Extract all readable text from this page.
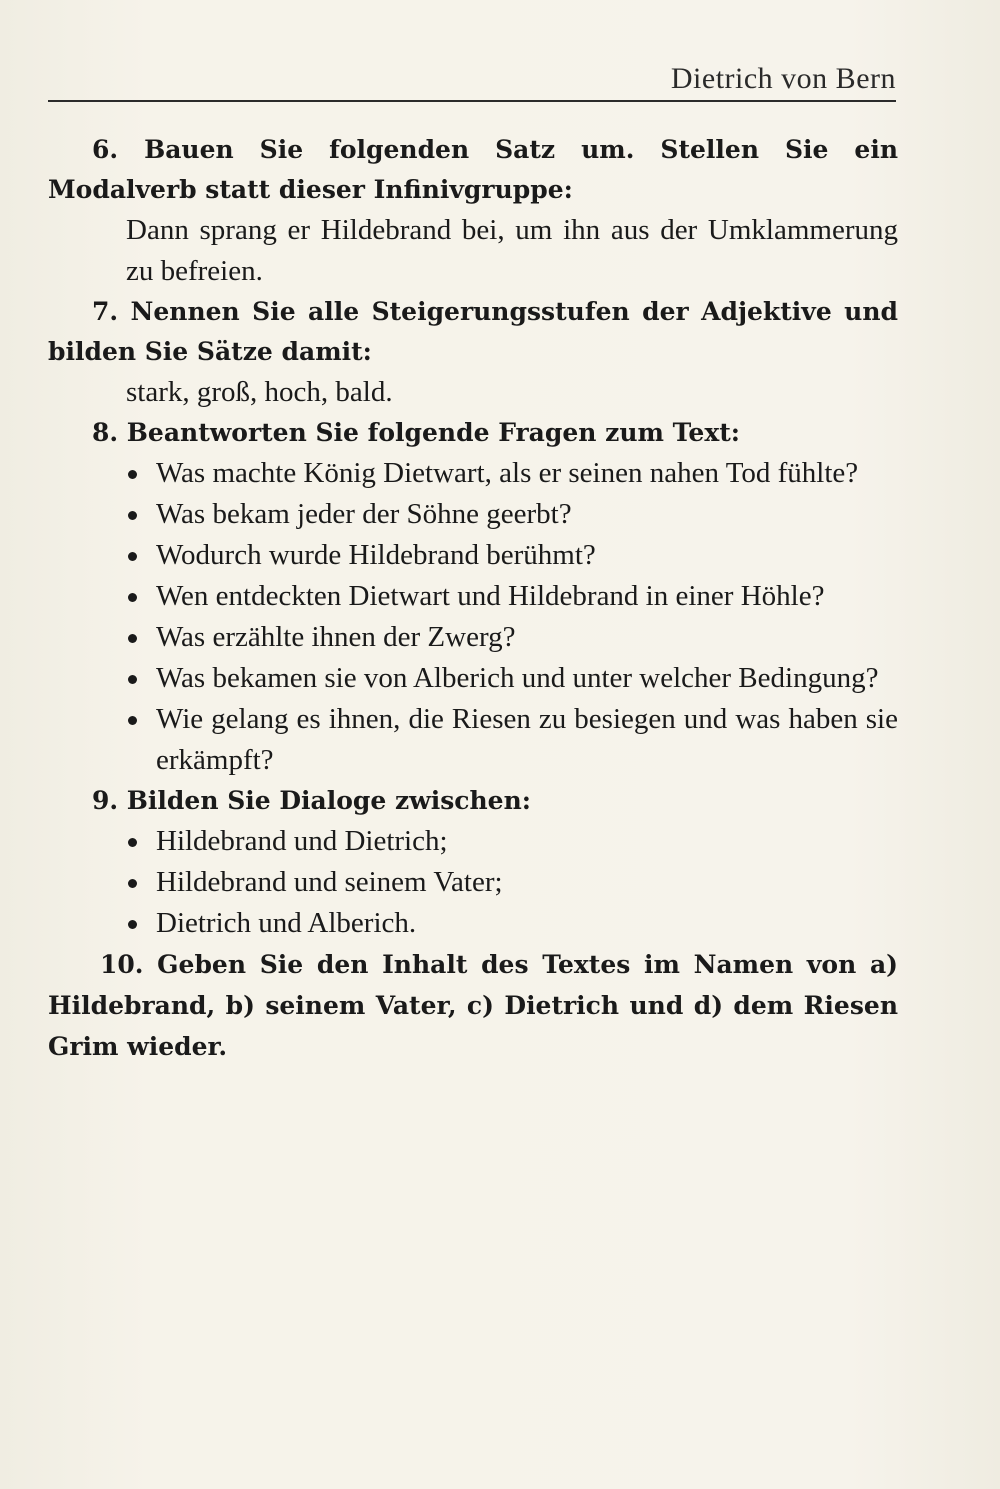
Dietrich von Bern

6. Bauen Sie folgenden Satz um. Stellen Sie ein Modalverb statt dieser Infinivgruppe:

Dann sprang er Hildebrand bei, um ihn aus der Umklammerung zu befreien.

7. Nennen Sie alle Steigerungsstufen der Adjektive und bilden Sie Sätze damit:

stark, groß, hoch, bald.

8. Beantworten Sie folgende Fragen zum Text:

Was machte König Dietwart, als er seinen nahen Tod fühlte?
Was bekam jeder der Söhne geerbt?
Wodurch wurde Hildebrand berühmt?
Wen entdeckten Dietwart und Hildebrand in einer Höhle?
Was erzählte ihnen der Zwerg?
Was bekamen sie von Alberich und unter welcher Bedingung?
Wie gelang es ihnen, die Riesen zu besiegen und was haben sie erkämpft?

9. Bilden Sie Dialoge zwischen:

Hildebrand und Dietrich;
Hildebrand und seinem Vater;
Dietrich und Alberich.

10. Geben Sie den Inhalt des Textes im Namen von a) Hildebrand, b) seinem Vater, c) Dietrich und d) dem Riesen Grim wieder.
